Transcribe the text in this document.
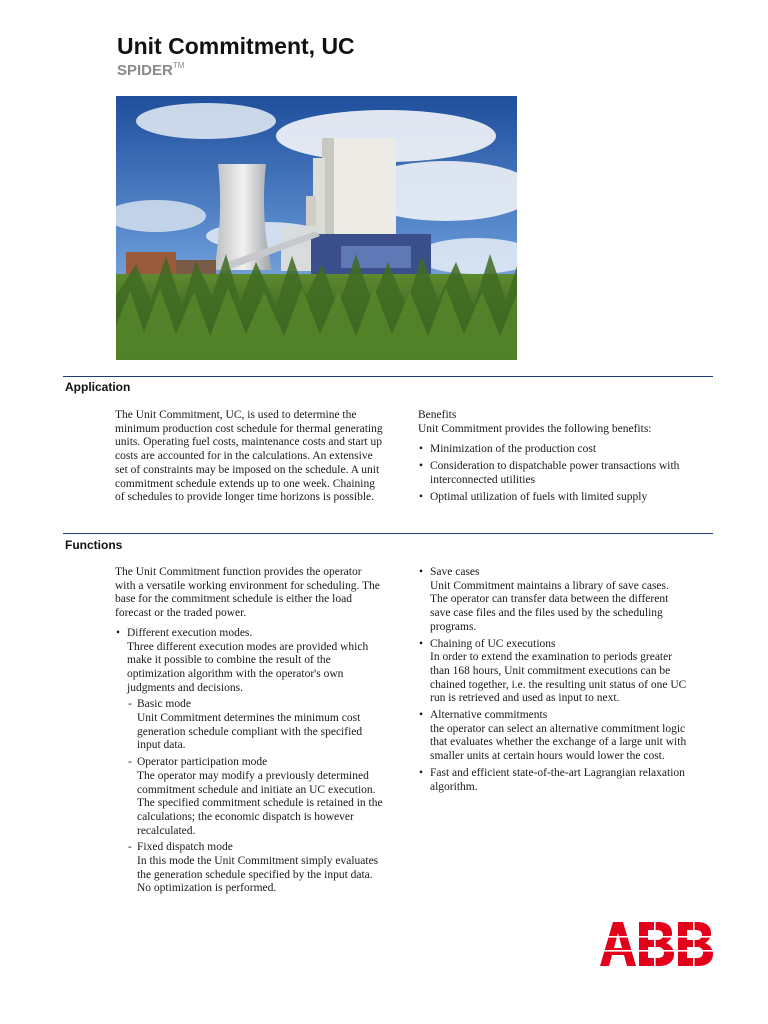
Unit Commitment, UC
SPIDER™
Application

The Unit Commitment, UC, is used to determine the
minimum production cost schedule for thermal generating
units. Operating fuel costs, maintenance costs and start up
costs are accounted for in the calculations. An extensive
set of constraints may be imposed on the schedule. A unit
commitment schedule extends up to one week. Chaining
of schedules to provide longer time horizons is possible.

Benefits
Unit Commitment provides the following benefits:
• Minimization of the production cost
• Consideration to dispatchable power transactions with
interconnected utilities
• Optimal utilization of fuels with limited supply
Functions

The Unit Commitment function provides the operator
with a versatile working environment for scheduling. The
base for the commitment schedule is either the load
forecast or the traded power.

• Different execution modes.
Three different execution modes are provided which
make it possible to combine the result of the
optimization algorithm with the operator's own
judgments and decisions.
- Basic mode
Unit Commitment determines the minimum cost
generation schedule compliant with the specified
input data.
- Operator participation mode
The operator may modify a previously determined
commitment schedule and initiate an UC execution.
The specified commitment schedule is retained in the
calculations; the economic dispatch is however
recalculated.
- Fixed dispatch mode
In this mode the Unit Commitment simply evaluates
the generation schedule specified by the input data.
No optimization is performed.
• Save cases
Unit Commitment maintains a library of save cases.
The operator can transfer data between the different
save case files and the files used by the scheduling
programs.
• Chaining of UC executions
In order to extend the examination to periods greater
than 168 hours, Unit commitment executions can be
chained together, i.e. the resulting unit status of one UC
run is retrieved and used as input to next.
• Alternative commitments
the operator can select an alternative commitment logic
that evaluates whether the exchange of a large unit with
smaller units at certain hours would lower the cost.
• Fast and efficient state-of-the-art Lagrangian relaxation
algorithm.
